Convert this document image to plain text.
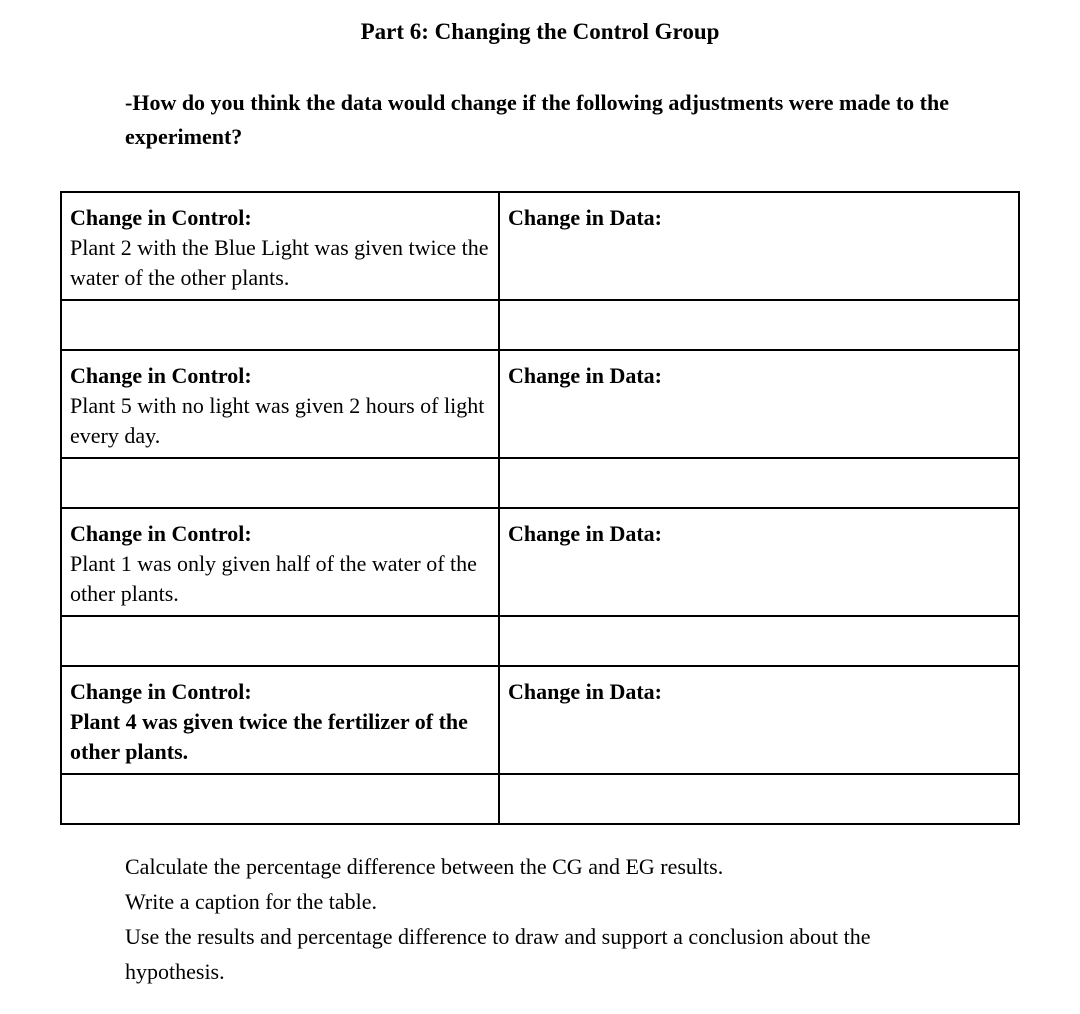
Part 6: Changing the Control Group
-How do you think the data would change if the following adjustments were made to the experiment?
Change in Control:
Plant 2 with the Blue Light was given twice the water of the other plants.	Change in Data:

Change in Control:
Plant 5 with no light was given 2 hours of light every day.	Change in Data:

Change in Control:
Plant 1 was only given half of the water of the other plants.	Change in Data:

Change in Control:
Plant 4 was given twice the fertilizer of the other plants.	Change in Data:

Calculate the percentage difference between the CG and EG results.

Write a caption for the table.

Use the results and percentage difference to draw and support a conclusion about the hypothesis.
